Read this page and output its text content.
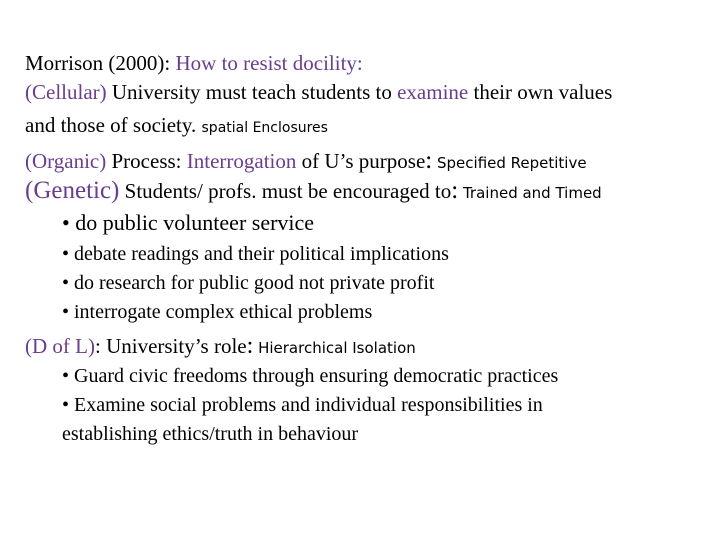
Morrison (2000): How to resist docility:
(Cellular) University must teach students to examine their own values
and those of society. spatial Enclosures
(Organic) Process: Interrogation of U’s purpose: Specified Repetitive
(Genetic) Students/ profs. must be encouraged to: Trained and Timed
• do public volunteer service
• debate readings and their political implications
• do research for public good not private profit
• interrogate complex ethical problems
(D of L): University’s role: Hierarchical Isolation
• Guard civic freedoms through ensuring democratic practices
• Examine social problems and individual responsibilities in
establishing ethics/truth in behaviour
